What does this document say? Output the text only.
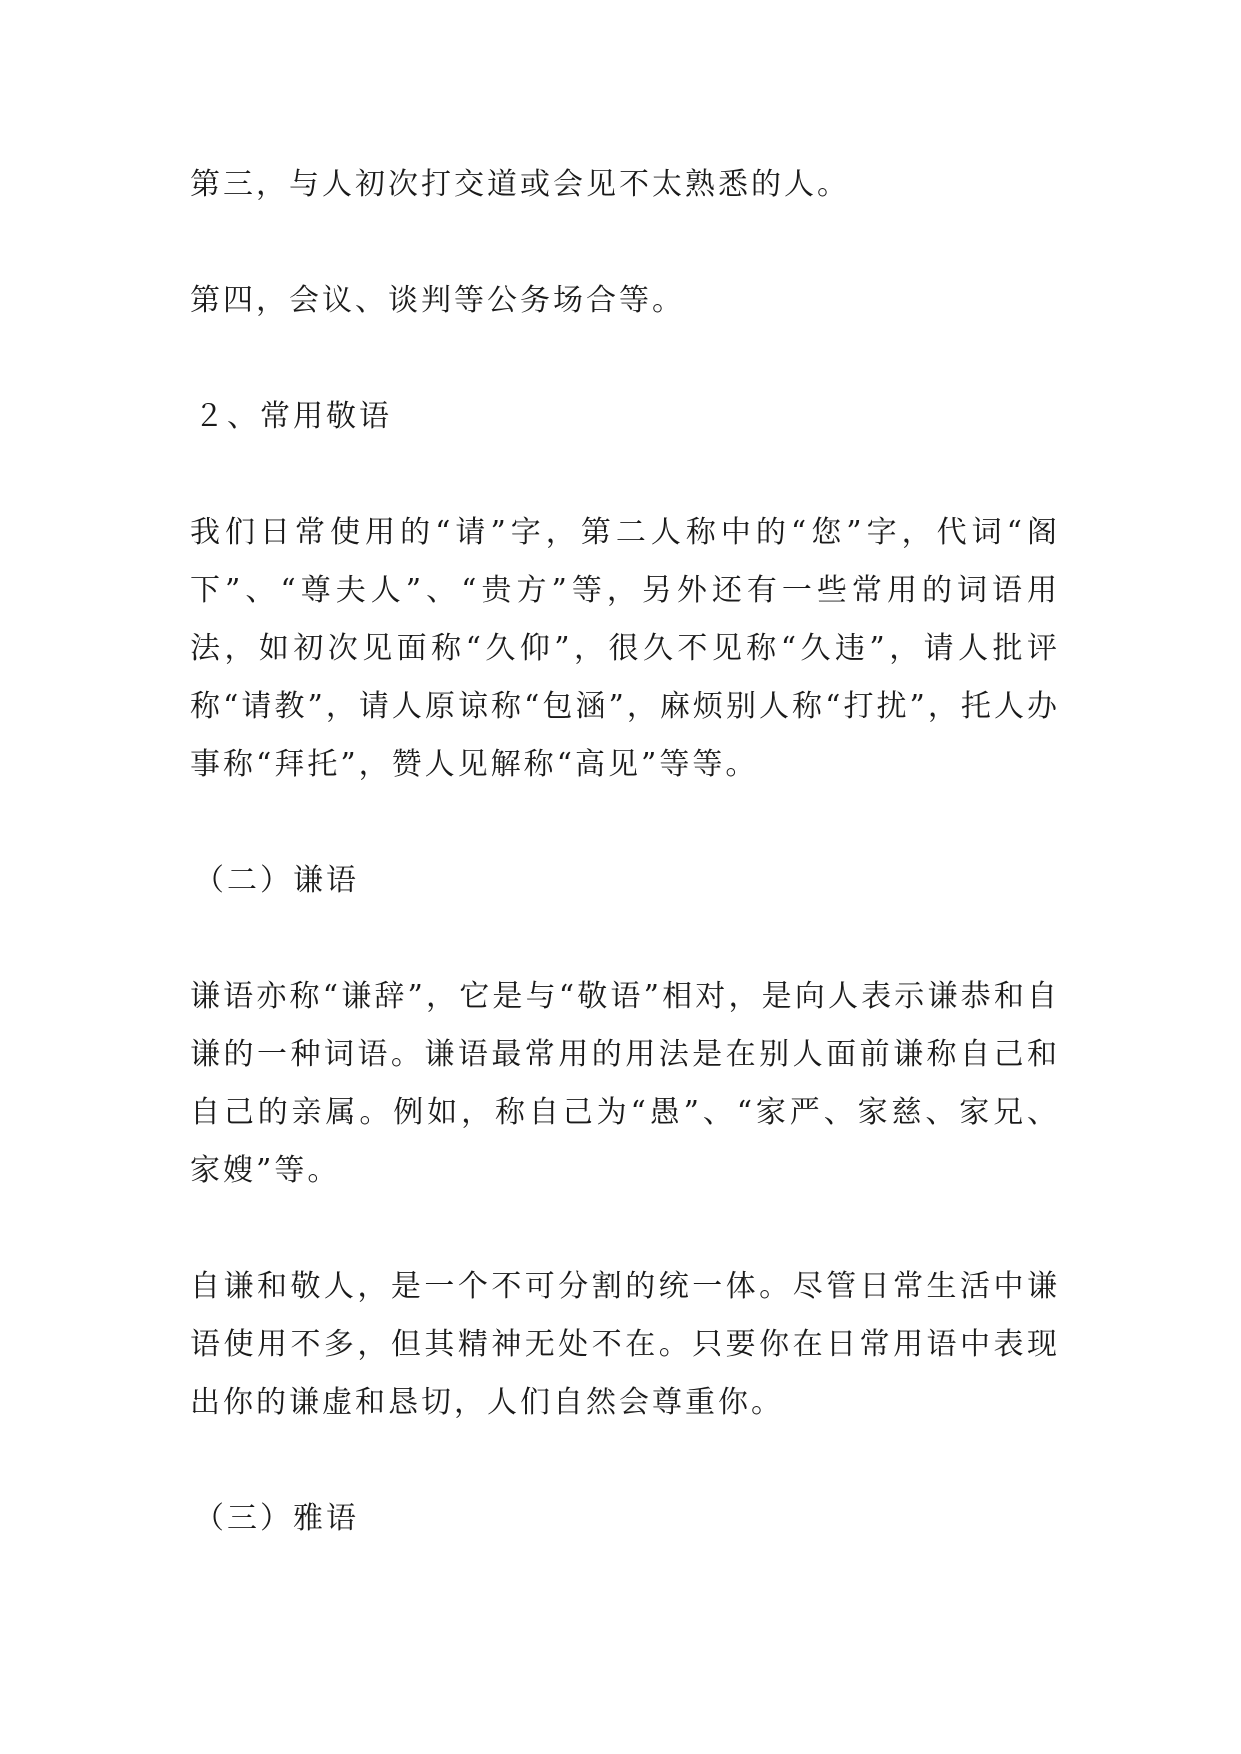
第三，与人初次打交道或会见不太熟悉的人。

第四，会议、谈判等公务场合等。

２、常用敬语

我们日常使用的“请”字，第二人称中的“您”字，代词“阁下”、“尊夫人”、“贵方”等，另外还有一些常用的词语用法，如初次见面称“久仰”，很久不见称“久违”，请人批评称“请教”，请人原谅称“包涵”，麻烦别人称“打扰”，托人办事称“拜托”，赞人见解称“高见”等等。

（二）谦语

谦语亦称“谦辞”，它是与“敬语”相对，是向人表示谦恭和自谦的一种词语。谦语最常用的用法是在别人面前谦称自己和自己的亲属。例如，称自己为“愚”、“家严、家慈、家兄、家嫂”等。

自谦和敬人，是一个不可分割的统一体。尽管日常生活中谦语使用不多，但其精神无处不在。只要你在日常用语中表现出你的谦虚和恳切，人们自然会尊重你。

（三）雅语
